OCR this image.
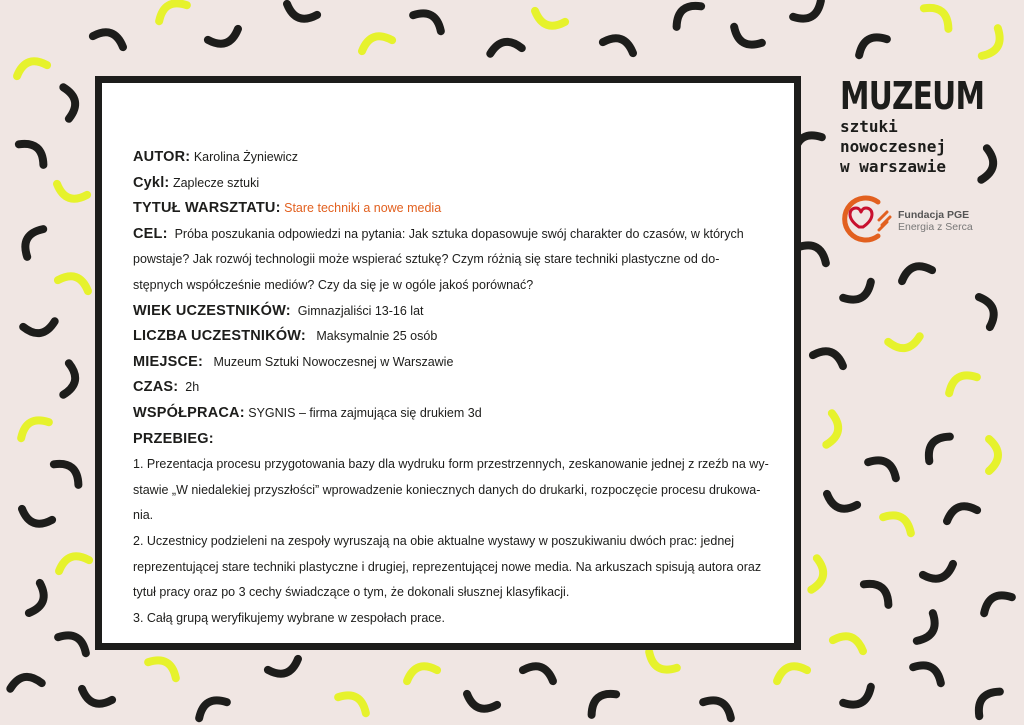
AUTOR: Karolina Żyniewicz

Cykl: Zaplecze sztuki

TYTUŁ WARSZTATU: Stare techniki a nowe media

CEL: Próba poszukania odpowiedzi na pytania: Jak sztuka dopasowuje swój charakter do czasów, w których

powstaje? Jak rozwój technologii może wspierać sztukę? Czym różnią się stare techniki plastyczne od do-

stępnych współcześnie mediów? Czy da się je w ogóle jakoś porównać?

WIEK UCZESTNIKÓW: Gimnazjaliści 13-16 lat

LICZBA UCZESTNIKÓW: Maksymalnie 25 osób

MIEJSCE: Muzeum Sztuki Nowoczesnej w Warszawie

CZAS: 2h

WSPÓŁPRACA: SYGNIS – firma zajmująca się drukiem 3d

PRZEBIEG:

1. Prezentacja procesu przygotowania bazy dla wydruku form przestrzennych, zeskanowanie jednej z rzeźb na wy-

stawie „W niedalekiej przyszłości” wprowadzenie koniecznych danych do drukarki, rozpoczęcie procesu drukowa-

nia.

2. Uczestnicy podzieleni na zespoły wyruszają na obie aktualne wystawy w poszukiwaniu dwóch prac: jednej

reprezentującej stare techniki plastyczne i drugiej, reprezentującej nowe media. Na arkuszach spisują autora oraz

tytuł pracy oraz po 3 cechy świadczące o tym, że dokonali słusznej klasyfikacji.

3. Całą grupą weryfikujemy wybrane w zespołach prace.

MUZEUM
sztuki
nowoczesnej
w warszawie
Fundacja PGE
Energia z Serca
